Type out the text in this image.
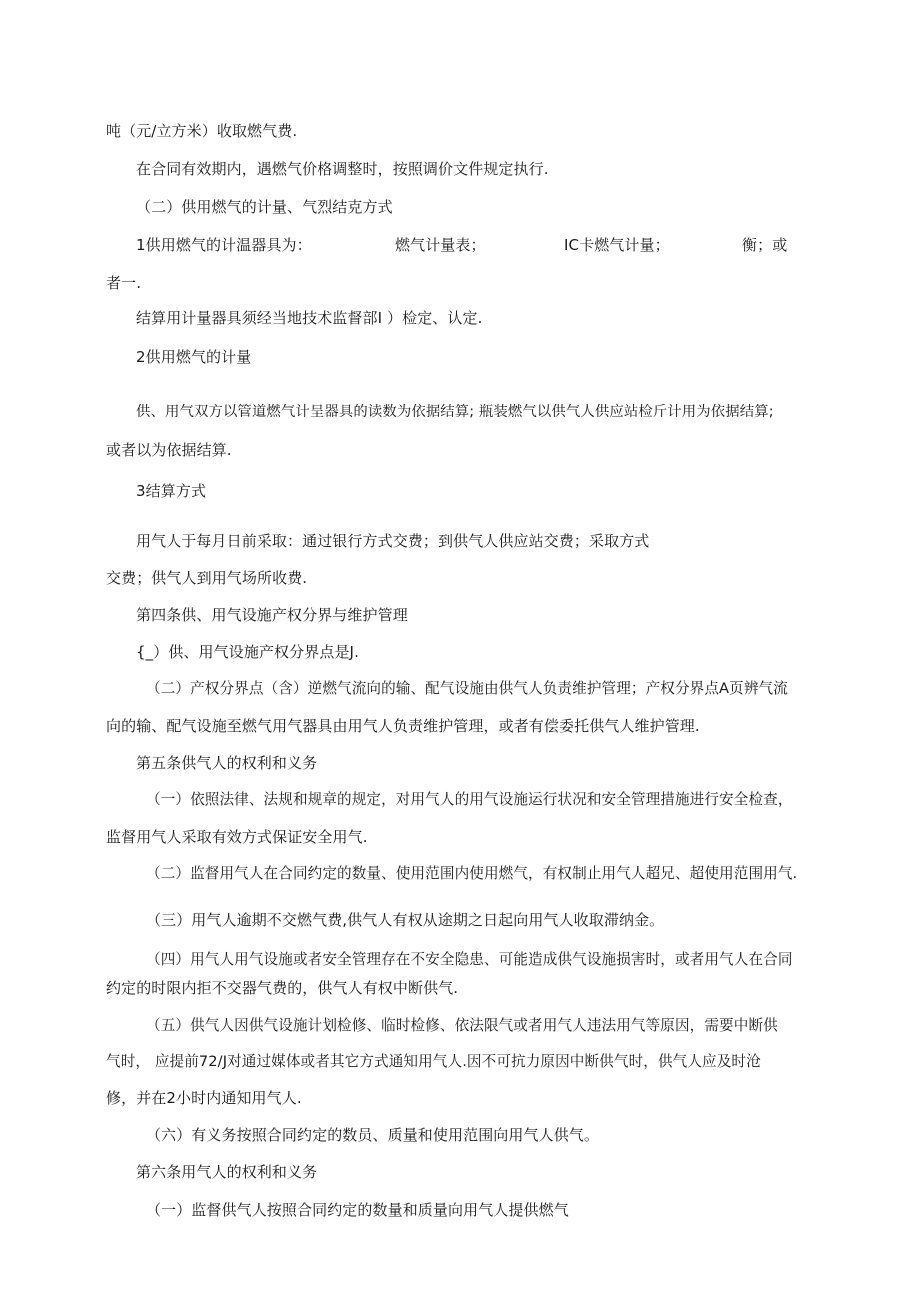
吨（元/立方米）收取燃气费.
在合同有效期内，遇燃气价格调整时，按照调价文件规定执行.
（二）供用燃气的计量、气烈结克方式
1供用燃气的计温器具为：	燃气计量表；	IC卡燃气计量；	衡；或
者一.
结算用计量器具须经当地技术监督部I ）检定、认定.
2供用燃气的计量
供、用气双方以管道燃气计呈器具的读数为依据结算; 瓶装燃气以供气人供应站检斤计用为依据结算;
或者以为依据结算.
3结算方式
用气人于每月日前采取：通过银行方式交费；到供气人供应站交费；采取方式
交费；供气人到用气场所收费.
第四条供、用气设施产权分界与维护管理
{_）供、用气设施产权分界点是J.
（二）产权分界点（含）逆燃气流向的输、配气设施由供气人负责维护管理；产权分界点A页辨气流
向的输、配气设施至燃气用气器具由用气人负责维护管理，或者有偿委托供气人维护管理.
第五条供气人的权利和义务
（一）依照法律、法规和规章的规定，对用气人的用气设施运行状况和安全管理措施进行安全检查，
监督用气人采取有效方式保证安全用气.
（二）监督用气人在合同约定的数量、使用范围内使用燃气，有权制止用气人超兄、超使用范围用气.
（三）用气人逾期不交燃气费,供气人有权从途期之日起向用气人收取滞纳金。
（四）用气人用气设施或者安全管理存在不安全隐患、可能造成供气设施损害时，或者用气人在合同
约定的时限内拒不交器气费的，供气人有权中断供气.
（五）供气人因供气设施计划检修、临时检修、依法限气或者用气人违法用气等原因，需要中断供
气时， 应提前72/J对通过媒体或者其它方式通知用气人.因不可抗力原因中断供气时，供气人应及时沧
修，并在2小时内通知用气人.
（六）有义务按照合同约定的数员、质量和使用范围向用气人供气。
第六条用气人的权利和义务
（一）监督供气人按照合同约定的数量和质量向用气人提供燃气
